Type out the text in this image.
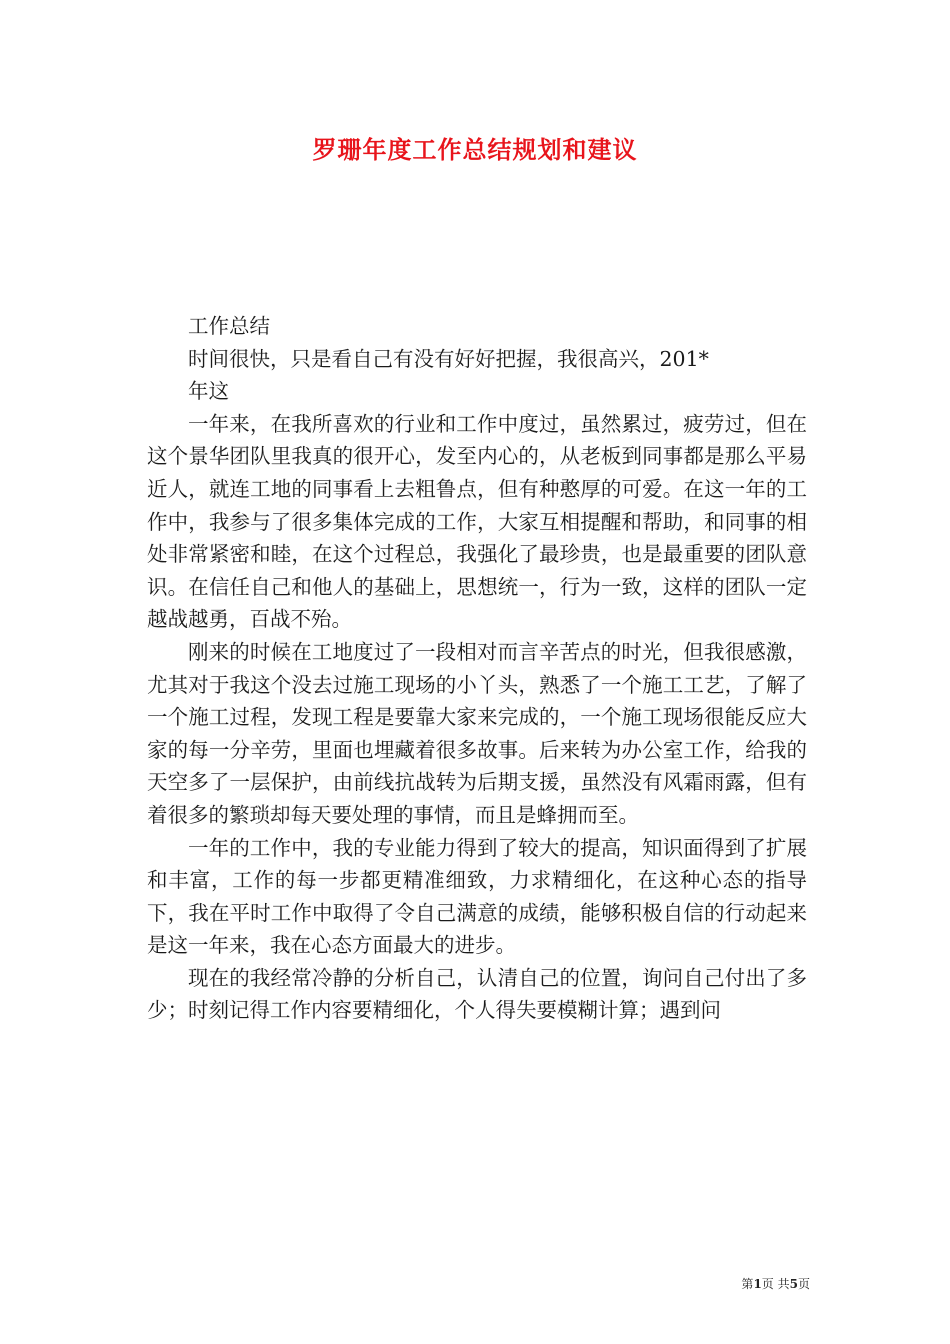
罗珊年度工作总结规划和建议

工作总结

时间很快，只是看自己有没有好好把握，我很高兴，201*

年这

一年来，在我所喜欢的行业和工作中度过，虽然累过，疲劳过，但在这个景华团队里我真的很开心，发至内心的，从老板到同事都是那么平易近人，就连工地的同事看上去粗鲁点，但有种憨厚的可爱。在这一年的工作中，我参与了很多集体完成的工作，大家互相提醒和帮助，和同事的相处非常紧密和睦，在这个过程总，我强化了最珍贵，也是最重要的团队意识。在信任自己和他人的基础上，思想统一，行为一致，这样的团队一定越战越勇，百战不殆。

刚来的时候在工地度过了一段相对而言辛苦点的时光，但我很感激，尤其对于我这个没去过施工现场的小丫头，熟悉了一个施工工艺，了解了一个施工过程，发现工程是要靠大家来完成的，一个施工现场很能反应大家的每一分辛劳，里面也埋藏着很多故事。后来转为办公室工作，给我的天空多了一层保护，由前线抗战转为后期支援，虽然没有风霜雨露，但有着很多的繁琐却每天要处理的事情，而且是蜂拥而至。

一年的工作中，我的专业能力得到了较大的提高，知识面得到了扩展和丰富，工作的每一步都更精准细致，力求精细化，在这种心态的指导下，我在平时工作中取得了令自己满意的成绩，能够积极自信的行动起来是这一年来，我在心态方面最大的进步。

现在的我经常冷静的分析自己，认清自己的位置，询问自己付出了多少；时刻记得工作内容要精细化，个人得失要模糊计算；遇到问

第1页 共5页
